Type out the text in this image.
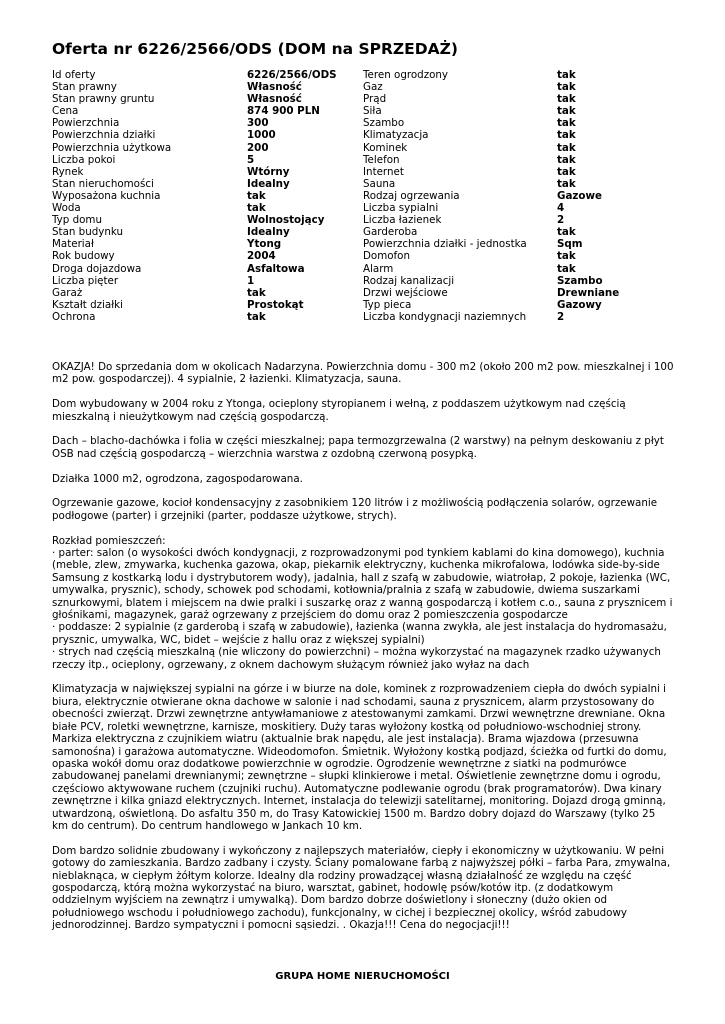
Oferta nr 6226/2566/ODS (DOM na SPRZEDAŻ)
Id oferty
Stan prawny
Stan prawny gruntu
Cena
Powierzchnia
Powierzchnia działki
Powierzchnia użytkowa
Liczba pokoi
Rynek
Stan nieruchomości
Wyposażona kuchnia
Woda
Typ domu
Stan budynku
Materiał
Rok budowy
Droga dojazdowa
Liczba pięter
Garaż
Kształt działki
Ochrona
6226/2566/ODS
Własność
Własność
874 900 PLN
300
1000
200
5
Wtórny
Idealny
tak
tak
Wolnostojący
Idealny
Ytong
2004
Asfaltowa
1
tak
Prostokąt
tak
Teren ogrodzony
Gaz
Prąd
Siła
Szambo
Klimatyzacja
Kominek
Telefon
Internet
Sauna
Rodzaj ogrzewania
Liczba sypialni
Liczba łazienek
Garderoba
Powierzchnia działki - jednostka
Domofon
Alarm
Rodzaj kanalizacji
Drzwi wejściowe
Typ pieca
Liczba kondygnacji naziemnych
tak
tak
tak
tak
tak
tak
tak
tak
tak
tak
Gazowe
4
2
tak
Sqm
tak
tak
Szambo
Drewniane
Gazowy
2

OKAZJA! Do sprzedania dom w okolicach Nadarzyna. Powierzchnia domu - 300 m2 (około 200 m2 pow. mieszkalnej i 100 m2 pow. gospodarczej). 4 sypialnie, 2 łazienki. Klimatyzacja, sauna.

Dom wybudowany w 2004 roku z Ytonga, ocieplony styropianem i wełną, z poddaszem użytkowym nad częścią mieszkalną i nieużytkowym nad częścią gospodarczą.

Dach – blacho-dachówka i folia w części mieszkalnej; papa termozgrzewalna (2 warstwy) na pełnym deskowaniu z płyt OSB nad częścią gospodarczą – wierzchnia warstwa z ozdobną czerwoną posypką.

Działka 1000 m2, ogrodzona, zagospodarowana.

Ogrzewanie gazowe, kocioł kondensacyjny z zasobnikiem 120 litrów i z możliwością podłączenia solarów, ogrzewanie podłogowe (parter) i grzejniki (parter, poddasze użytkowe, strych).

Rozkład pomieszczeń:

· parter: salon (o wysokości dwóch kondygnacji, z rozprowadzonymi pod tynkiem kablami do kina domowego), kuchnia (meble, zlew, zmywarka, kuchenka gazowa, okap, piekarnik elektryczny, kuchenka mikrofalowa, lodówka side-by-side Samsung z kostkarką lodu i dystrybutorem wody), jadalnia, hall z szafą w zabudowie, wiatrołap, 2 pokoje, łazienka (WC, umywalka, prysznic), schody, schowek pod schodami, kotłownia/pralnia z szafą w zabudowie, dwiema suszarkami sznurkowymi, blatem i miejscem na dwie pralki i suszarkę oraz z wanną gospodarczą i kotłem c.o., sauna z prysznicem i głośnikami, magazynek, garaż ogrzewany z przejściem do domu oraz 2 pomieszczenia gospodarcze

· poddasze: 2 sypialnie (z garderobą i szafą w zabudowie), łazienka (wanna zwykła, ale jest instalacja do hydromasażu, prysznic, umywalka, WC, bidet – wejście z hallu oraz z większej sypialni)

· strych nad częścią mieszkalną (nie wliczony do powierzchni) – można wykorzystać na magazynek rzadko używanych rzeczy itp., ocieplony, ogrzewany, z oknem dachowym służącym również jako wyłaz na dach

Klimatyzacja w największej sypialni na górze i w biurze na dole, kominek z rozprowadzeniem ciepła do dwóch sypialni i biura, elektrycznie otwierane okna dachowe w salonie i nad schodami, sauna z prysznicem, alarm przystosowany do obecności zwierząt. Drzwi zewnętrzne antywłamaniowe z atestowanymi zamkami. Drzwi wewnętrzne drewniane. Okna białe PCV, roletki wewnętrzne, karnisze, moskitiery. Duży taras wyłożony kostką od południowo-wschodniej strony. Markiza elektryczna z czujnikiem wiatru (aktualnie brak napędu, ale jest instalacja). Brama wjazdowa (przesuwna samonośna) i garażowa automatyczne. Wideodomofon. Śmietnik. Wyłożony kostką podjazd, ścieżka od furtki do domu, opaska wokół domu oraz dodatkowe powierzchnie w ogrodzie. Ogrodzenie wewnętrzne z siatki na podmurówce zabudowanej panelami drewnianymi; zewnętrzne – słupki klinkierowe i metal. Oświetlenie zewnętrzne domu i ogrodu, częściowo aktywowane ruchem (czujniki ruchu). Automatyczne podlewanie ogrodu (brak programatorów). Dwa kinary zewnętrzne i kilka gniazd elektrycznych. Internet, instalacja do telewizji satelitarnej, monitoring. Dojazd drogą gminną, utwardzoną, oświetloną. Do asfaltu 350 m, do Trasy Katowickiej 1500 m. Bardzo dobry dojazd do Warszawy (tylko 25 km do centrum). Do centrum handlowego w Jankach 10 km.

Dom bardzo solidnie zbudowany i wykończony z najlepszych materiałów, ciepły i ekonomiczny w użytkowaniu. W pełni gotowy do zamieszkania. Bardzo zadbany i czysty. Ściany pomalowane farbą z najwyższej półki – farba Para, zmywalna, nieblaknąca, w ciepłym żółtym kolorze. Idealny dla rodziny prowadzącej własną działalność ze względu na część gospodarczą, którą można wykorzystać na biuro, warsztat, gabinet, hodowlę psów/kotów itp. (z dodatkowym oddzielnym wyjściem na zewnątrz i umywalką). Dom bardzo dobrze doświetlony i słoneczny (dużo okien od południowego wschodu i południowego zachodu), funkcjonalny, w cichej i bezpiecznej okolicy, wśród zabudowy jednorodzinnej. Bardzo sympatyczni i pomocni sąsiedzi. . Okazja!!! Cena do negocjacji!!!

GRUPA HOME NIERUCHOMOŚCI
